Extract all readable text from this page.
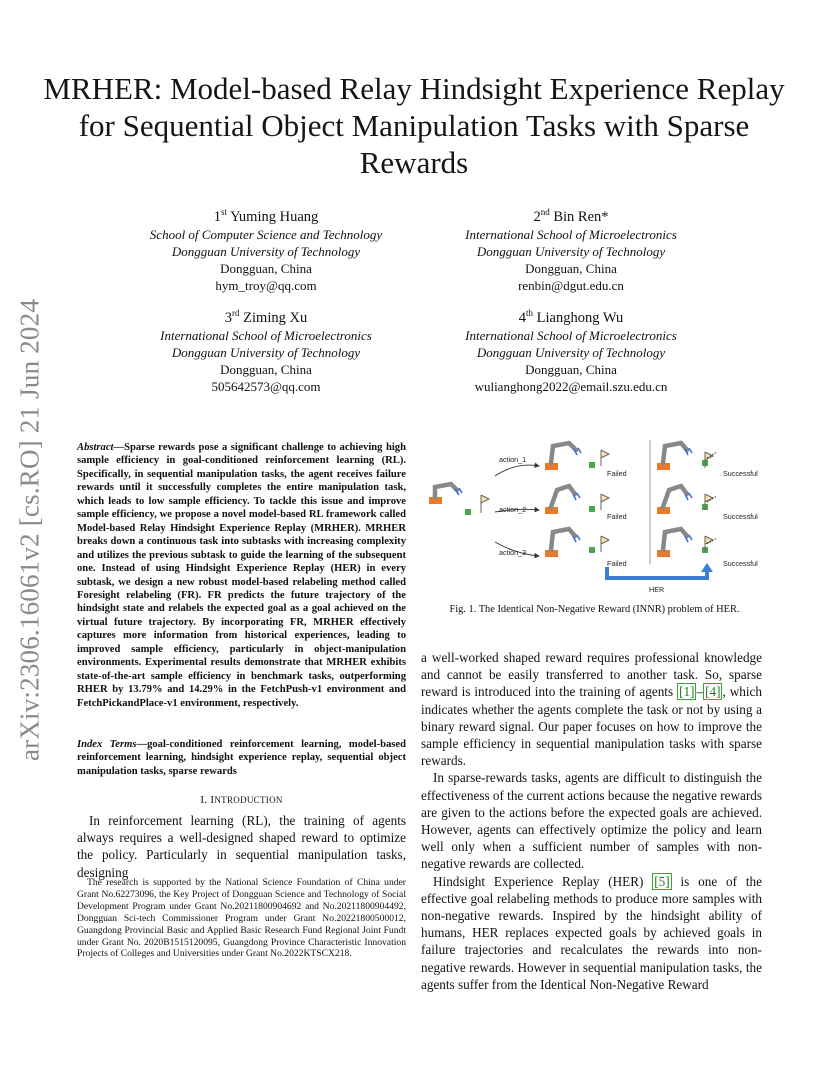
MRHER: Model-based Relay Hindsight Experience Replay for Sequential Object Manipulation Tasks with Sparse Rewards
arXiv:2306.16061v2 [cs.RO] 21 Jun 2024
1st Yuming Huang
School of Computer Science and Technology
Dongguan University of Technology
Dongguan, China
hym_troy@qq.com
2nd Bin Ren*
International School of Microelectronics
Dongguan University of Technology
Dongguan, China
renbin@dgut.edu.cn
3rd Ziming Xu
International School of Microelectronics
Dongguan University of Technology
Dongguan, China
505642573@qq.com
4th Lianghong Wu
International School of Microelectronics
Dongguan University of Technology
Dongguan, China
wulianghong2022@email.szu.edu.cn
Abstract—Sparse rewards pose a significant challenge to achieving high sample efficiency in goal-conditioned reinforcement learning (RL). Specifically, in sequential manipulation tasks, the agent receives failure rewards until it successfully completes the entire manipulation task, which leads to low sample efficiency. To tackle this issue and improve sample efficiency, we propose a novel model-based RL framework called Model-based Relay Hindsight Experience Replay (MRHER). MRHER breaks down a continuous task into subtasks with increasing complexity and utilizes the previous subtask to guide the learning of the subsequent one. Instead of using Hindsight Experience Replay (HER) in every subtask, we design a new robust model-based relabeling method called Foresight relabeling (FR). FR predicts the future trajectory of the hindsight state and relabels the expected goal as a goal achieved on the virtual future trajectory. By incorporating FR, MRHER effectively captures more information from historical experiences, leading to improved sample efficiency, particularly in object-manipulation environments. Experimental results demonstrate that MRHER exhibits state-of-the-art sample efficiency in benchmark tasks, outperforming RHER by 13.79% and 14.29% in the FetchPush-v1 environment and FetchPickandPlace-v1 environment, respectively.
Index Terms—goal-conditioned reinforcement learning, model-based reinforcement learning, hindsight experience replay, sequential object manipulation tasks, sparse rewards
I. INTRODUCTION
In reinforcement learning (RL), the training of agents always requires a well-designed shaped reward to optimize the policy. Particularly in sequential manipulation tasks, designing
The research is supported by the National Science Foundation of China under Grant No.62273096, the Key Project of Dongguan Science and Technology of Social Development Program under Grant No.20211800904692 and No.20211800904492, Dongguan Sci-tech Commissioner Program under Grant No.20221800500012, Guangdong Provincial Basic and Applied Basic Research Fund Regional Joint Fundt under Grant No. 2020B1515120095, Guangdong Province Characteristic Innovation Projects of Colleges and Universities under Grant No.2022KTSCX218.
action_1
action_2
action_3
Failed
Failed
Failed
Successful
Successful
Successful
HER
Fig. 1. The Identical Non-Negative Reward (INNR) problem of HER.

a well-worked shaped reward requires professional knowledge and cannot be easily transferred to another task. So, sparse reward is introduced into the training of agents [1] – [4] , which indicates whether the agents complete the task or not by using a binary reward signal. Our paper focuses on how to improve the sample efficiency in sequential manipulation tasks with sparse rewards.

In sparse-rewards tasks, agents are difficult to distinguish the effectiveness of the current actions because the negative rewards are given to the actions before the expected goals are achieved. However, agents can effectively optimize the policy and learn well only when a sufficient number of samples with non-negative rewards are collected.

Hindsight Experience Replay (HER) [5] is one of the effective goal relabeling methods to produce more samples with non-negative rewards. Inspired by the hindsight ability of humans, HER replaces expected goals by achieved goals in failure trajectories and recalculates the rewards into non-negative rewards. However in sequential manipulation tasks, the agents suffer from the Identical Non-Negative Reward
